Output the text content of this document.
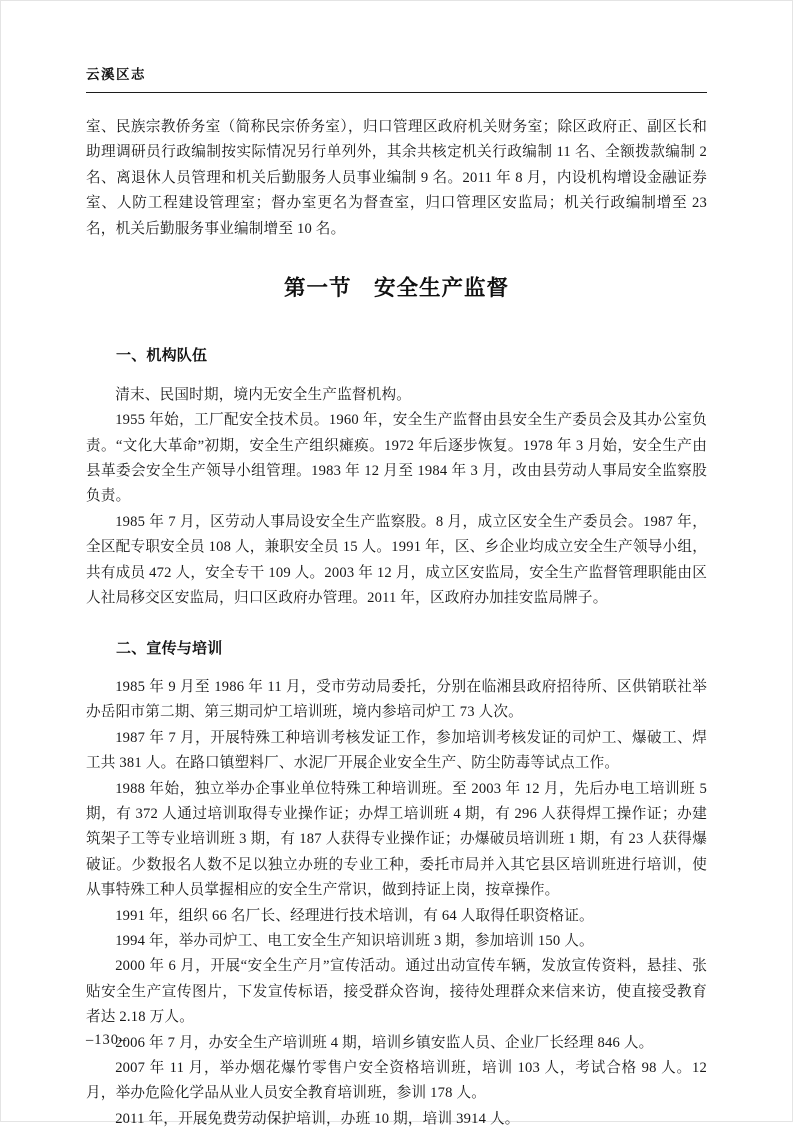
云溪区志

室、民族宗教侨务室（简称民宗侨务室），归口管理区政府机关财务室；除区政府正、副区长和助理调研员行政编制按实际情况另行单列外，其余共核定机关行政编制 11 名、全额拨款编制 2 名、离退休人员管理和机关后勤服务人员事业编制 9 名。2011 年 8 月，内设机构增设金融证券室、人防工程建设管理室；督办室更名为督查室，归口管理区安监局；机关行政编制增至 23 名，机关后勤服务事业编制增至 10 名。

第一节　安全生产监督
一、机构队伍

清末、民国时期，境内无安全生产监督机构。

1955 年始，工厂配安全技术员。1960 年，安全生产监督由县安全生产委员会及其办公室负责。“文化大革命”初期，安全生产组织瘫痪。1972 年后逐步恢复。1978 年 3 月始，安全生产由县革委会安全生产领导小组管理。1983 年 12 月至 1984 年 3 月，改由县劳动人事局安全监察股负责。

1985 年 7 月，区劳动人事局设安全生产监察股。8 月，成立区安全生产委员会。1987 年，全区配专职安全员 108 人，兼职安全员 15 人。1991 年，区、乡企业均成立安全生产领导小组，共有成员 472 人，安全专干 109 人。2003 年 12 月，成立区安监局，安全生产监督管理职能由区人社局移交区安监局，归口区政府办管理。2011 年，区政府办加挂安监局牌子。

二、宣传与培训

1985 年 9 月至 1986 年 11 月，受市劳动局委托，分别在临湘县政府招待所、区供销联社举办岳阳市第二期、第三期司炉工培训班，境内参培司炉工 73 人次。

1987 年 7 月，开展特殊工种培训考核发证工作，参加培训考核发证的司炉工、爆破工、焊工共 381 人。在路口镇塑料厂、水泥厂开展企业安全生产、防尘防毒等试点工作。

1988 年始，独立举办企事业单位特殊工种培训班。至 2003 年 12 月，先后办电工培训班 5 期，有 372 人通过培训取得专业操作证；办焊工培训班 4 期，有 296 人获得焊工操作证；办建筑架子工等专业培训班 3 期，有 187 人获得专业操作证；办爆破员培训班 1 期，有 23 人获得爆破证。少数报名人数不足以独立办班的专业工种，委托市局并入其它县区培训班进行培训，使从事特殊工种人员掌握相应的安全生产常识，做到持证上岗，按章操作。

1991 年，组织 66 名厂长、经理进行技术培训，有 64 人取得任职资格证。

1994 年，举办司炉工、电工安全生产知识培训班 3 期，参加培训 150 人。

2000 年 6 月，开展“安全生产月”宣传活动。通过出动宣传车辆，发放宣传资料，悬挂、张贴安全生产宣传图片，下发宣传标语，接受群众咨询，接待处理群众来信来访，使直接受教育者达 2.18 万人。

2006 年 7 月，办安全生产培训班 4 期，培训乡镇安监人员、企业厂长经理 846 人。

2007 年 11 月，举办烟花爆竹零售户安全资格培训班，培训 103 人，考试合格 98 人。12 月，举办危险化学品从业人员安全教育培训班，参训 178 人。

2011 年，开展免费劳动保护培训，办班 10 期，培训 3914 人。

–130–
